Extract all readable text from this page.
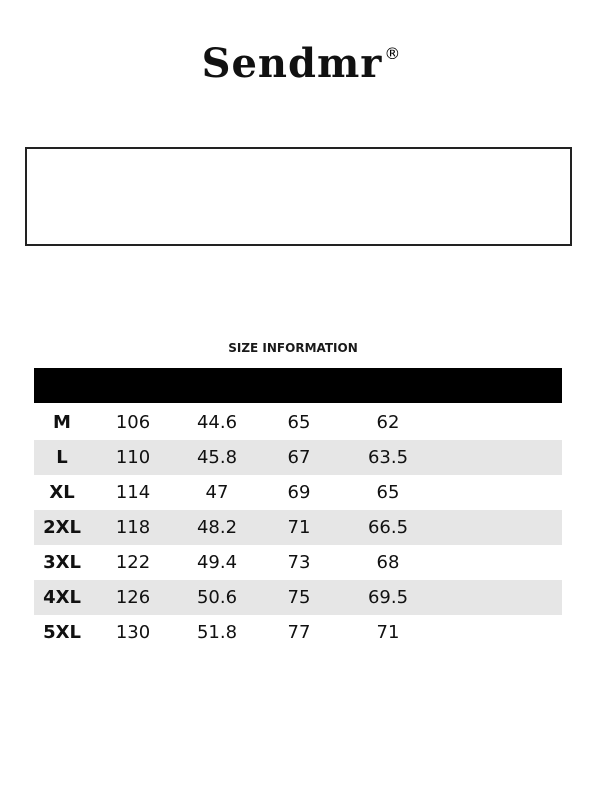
Sendmr ®
SIZE INFORMATION
M	106	44.6	65	62
L	110	45.8	67	63.5
XL	114	47	69	65
2XL	118	48.2	71	66.5
3XL	122	49.4	73	68
4XL	126	50.6	75	69.5
5XL	130	51.8	77	71
